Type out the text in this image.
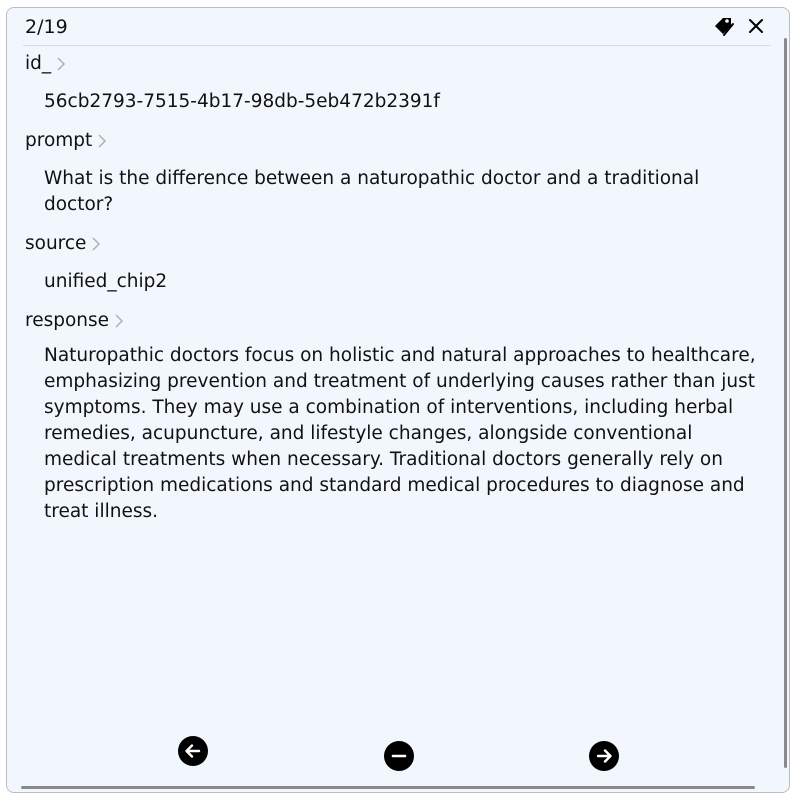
2/19
id_
56cb2793-7515-4b17-98db-5eb472b2391f
prompt
What is the difference between a naturopathic doctor and a traditional doctor?
source
unified_chip2
response
Naturopathic doctors focus on holistic and natural approaches to healthcare, emphasizing prevention and treatment of underlying causes rather than just symptoms. They may use a combination of interventions, including herbal remedies, acupuncture, and lifestyle changes, alongside conventional medical treatments when necessary. Traditional doctors generally rely on prescription medications and standard medical procedures to diagnose and treat illness.
